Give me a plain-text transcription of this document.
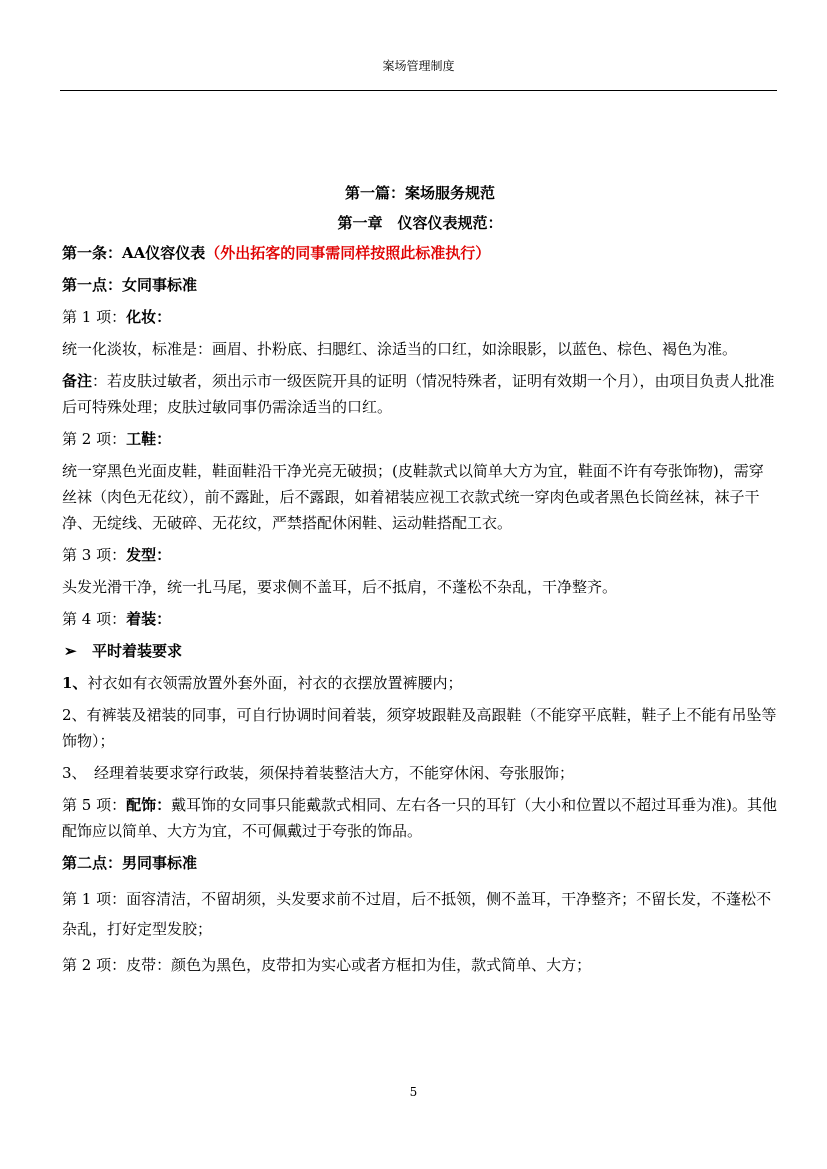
案场管理制度

第一篇：案场服务规范

第一章　仪容仪表规范：

第一条：AA仪容仪表（外出拓客的同事需同样按照此标准执行）

第一点：女同事标准

第 1 项：化妆：

统一化淡妆，标准是：画眉、扑粉底、扫腮红、涂适当的口红，如涂眼影，以蓝色、棕色、褐色为准。

备注：若皮肤过敏者，须出示市一级医院开具的证明（情况特殊者，证明有效期一个月），由项目负责人批准后可特殊处理；皮肤过敏同事仍需涂适当的口红。

第 2 项：工鞋：

统一穿黑色光面皮鞋，鞋面鞋沿干净光亮无破损；(皮鞋款式以简单大方为宜，鞋面不许有夸张饰物)，需穿丝袜（肉色无花纹），前不露趾，后不露跟，如着裙装应视工衣款式统一穿肉色或者黑色长筒丝袜，袜子干净、无绽线、无破碎、无花纹，严禁搭配休闲鞋、运动鞋搭配工衣。

第 3 项：发型：

头发光滑干净，统一扎马尾，要求侧不盖耳，后不抵肩，不蓬松不杂乱，干净整齐。

第 4 项：着装：

➢ 平时着装要求

1、衬衣如有衣领需放置外套外面，衬衣的衣摆放置裤腰内；

2、有裤装及裙装的同事，可自行协调时间着装，须穿坡跟鞋及高跟鞋（不能穿平底鞋，鞋子上不能有吊坠等饰物）；

3、　经理着装要求穿行政装，须保持着装整洁大方，不能穿休闲、夸张服饰；

第 5 项：配饰：戴耳饰的女同事只能戴款式相同、左右各一只的耳钉（大小和位置以不超过耳垂为准)。其他配饰应以简单、大方为宜，不可佩戴过于夸张的饰品。

第二点：男同事标准

第 1 项：面容清洁，不留胡须，头发要求前不过眉，后不抵领，侧不盖耳，干净整齐；不留长发，不蓬松不杂乱，打好定型发胶；

第 2 项：皮带：颜色为黑色，皮带扣为实心或者方框扣为佳，款式简单、大方；

5
